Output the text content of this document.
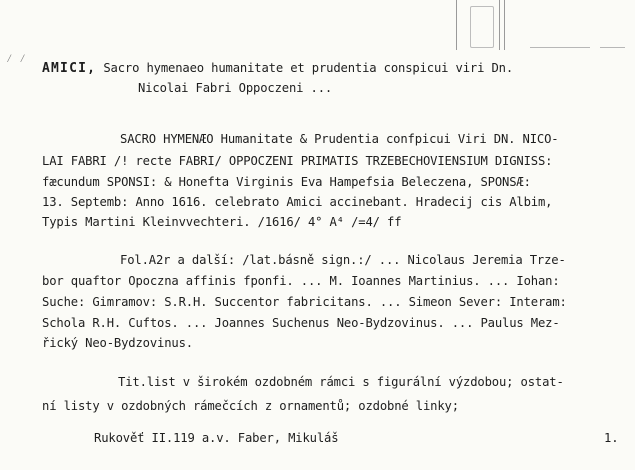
⁄ ⁄
AMICI, Sacro hymenaeo humanitate et prudentia conspicui viri Dn.
Nicolai Fabri Oppoczeni ...
SACRO HYMENÆO Humanitate & Prudentia confpicui Viri DN. NICO-
LAI FABRI /! recte FABRI/ OPPOCZENI PRIMATIS TRZEBECHOVIENSIUM DIGNISS:
fæcundum SPONSI: & Honefta Virginis Eva Hampefsia Beleczena, SPONSÆ:
13. Septemb: Anno 1616. celebrato Amici accinebant. Hradecij cis Albim,
Typis Martini Kleinvvechteri. /1616/ 4° A⁴ /=4/ ff
Fol.A2r a další: /lat.básně sign.:/ ... Nicolaus Jeremia Trze-
bor quaftor Opoczna affinis fponfi. ... M. Ioannes Martinius. ... Iohan:
Suche: Gimramov: S.R.H. Succentor fabricitans. ... Simeon Sever: Interam:
Schola R.H. Cuftos. ... Joannes Suchenus Neo-Bydzovinus. ... Paulus Mez-
řický Neo-Bydzovinus.
Tit.list v širokém ozdobném rámci s figurální výzdobou; ostat-
ní listy v ozdobných rámečcích z ornamentů; ozdobné linky;
Rukověť II.119 a.v. Faber, Mikuláš	1.
